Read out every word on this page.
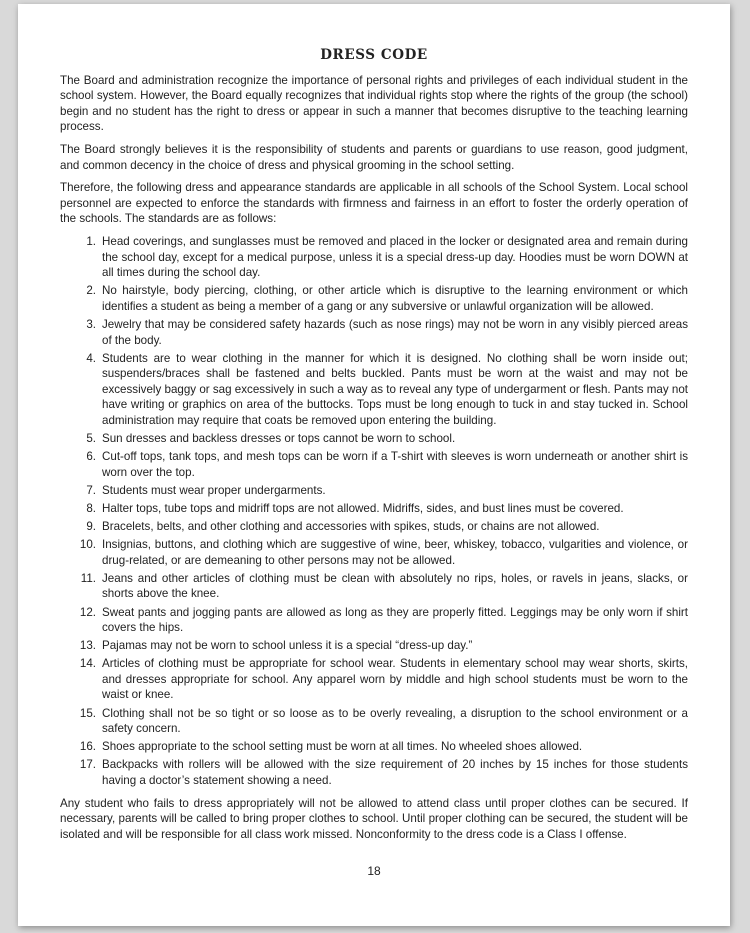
DRESS CODE

The Board and administration recognize the importance of personal rights and privileges of each individual student in the school system. However, the Board equally recognizes that individual rights stop where the rights of the group (the school) begin and no student has the right to dress or appear in such a manner that becomes disruptive to the teaching learning process.

The Board strongly believes it is the responsibility of students and parents or guardians to use reason, good judgment, and common decency in the choice of dress and physical grooming in the school setting.

Therefore, the following dress and appearance standards are applicable in all schools of the School System. Local school personnel are expected to enforce the standards with firmness and fairness in an effort to foster the orderly operation of the schools. The standards are as follows:

1. Head coverings, and sunglasses must be removed and placed in the locker or designated area and remain during the school day, except for a medical purpose, unless it is a special dress-up day. Hoodies must be worn DOWN at all times during the school day.
2. No hairstyle, body piercing, clothing, or other article which is disruptive to the learning environment or which identifies a student as being a member of a gang or any subversive or unlawful organization will be allowed.
3. Jewelry that may be considered safety hazards (such as nose rings) may not be worn in any visibly pierced areas of the body.
4. Students are to wear clothing in the manner for which it is designed. No clothing shall be worn inside out; suspenders/braces shall be fastened and belts buckled. Pants must be worn at the waist and may not be excessively baggy or sag excessively in such a way as to reveal any type of undergarment or flesh. Pants may not have writing or graphics on area of the buttocks. Tops must be long enough to tuck in and stay tucked in. School administration may require that coats be removed upon entering the building.
5. Sun dresses and backless dresses or tops cannot be worn to school.
6. Cut-off tops, tank tops, and mesh tops can be worn if a T-shirt with sleeves is worn underneath or another shirt is worn over the top.
7. Students must wear proper undergarments.
8. Halter tops, tube tops and midriff tops are not allowed. Midriffs, sides, and bust lines must be covered.
9. Bracelets, belts, and other clothing and accessories with spikes, studs, or chains are not allowed.
10. Insignias, buttons, and clothing which are suggestive of wine, beer, whiskey, tobacco, vulgarities and violence, or drug-related, or are demeaning to other persons may not be allowed.
11. Jeans and other articles of clothing must be clean with absolutely no rips, holes, or ravels in jeans, slacks, or shorts above the knee.
12. Sweat pants and jogging pants are allowed as long as they are properly fitted. Leggings may be only worn if shirt covers the hips.
13. Pajamas may not be worn to school unless it is a special “dress-up day.”
14. Articles of clothing must be appropriate for school wear. Students in elementary school may wear shorts, skirts, and dresses appropriate for school. Any apparel worn by middle and high school students must be worn to the waist or knee.
15. Clothing shall not be so tight or so loose as to be overly revealing, a disruption to the school environment or a safety concern.
16. Shoes appropriate to the school setting must be worn at all times. No wheeled shoes allowed.
17. Backpacks with rollers will be allowed with the size requirement of 20 inches by 15 inches for those students having a doctor’s statement showing a need.

Any student who fails to dress appropriately will not be allowed to attend class until proper clothes can be secured. If necessary, parents will be called to bring proper clothes to school. Until proper clothing can be secured, the student will be isolated and will be responsible for all class work missed. Nonconformity to the dress code is a Class I offense.

18
